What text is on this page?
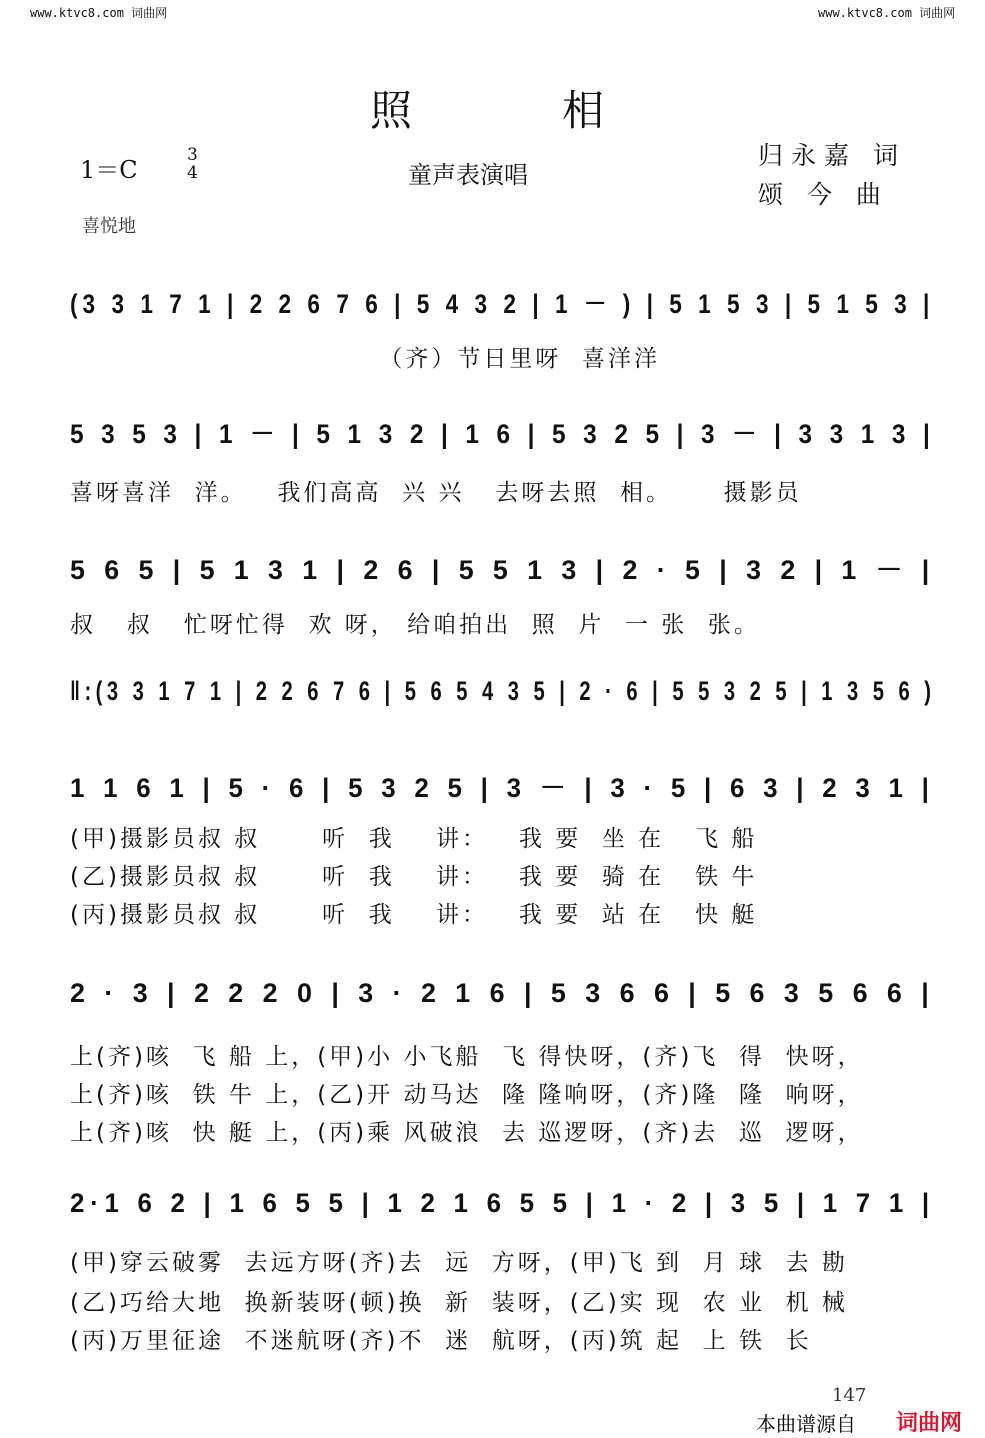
www.ktvc8.com 词曲网	www.ktvc8.com 词曲网
照相
1＝C
3
4	童声表演唱
归永嘉 词
颂 今 曲
喜悦地
(3 3 1 7 1 | 2 2 6 7 6 | 5 4 3 2 | 1 － ) | 5 1 5 3 | 5 1 5 3 |
（齐）节日里呀  喜洋洋
5 3 5 3 | 1 － | 5 1 3 2 | 1 6 | 5 3 2 5 | 3 － | 3 3 1 3 |
喜呀喜洋  洋。   我们高高  兴 兴   去呀去照  相。     摄影员
5 6 5 | 5 1 3 1 | 2 6 | 5 5 1 3 | 2 · 5 | 3 2 | 1 － |
叔   叔   忙呀忙得  欢 呀， 给咱拍出  照  片  一 张  张。
‖:(3 3 1 7 1 | 2 2 6 7 6 | 5 6 5 4 3 5 | 2 · 6 | 5 5 3 2 5 | 1 3 5 6 )
1 1 6 1 | 5 · 6 | 5 3 2 5 | 3 － | 3 · 5 | 6 3 | 2 3 1 |
(甲)摄影员叔 叔      听  我    讲：   我 要  坐 在   飞 船
(乙)摄影员叔 叔      听  我    讲：   我 要  骑 在   铁 牛
(丙)摄影员叔 叔      听  我    讲：   我 要  站 在   快 艇
2 · 3 | 2 2 2 0 | 3 · 2 1 6 | 5 3 6 6 | 5 6 3 5 6 6 |
上(齐)咳  飞 船 上，(甲)小 小飞船  飞 得快呀，(齐)飞  得  快呀，
上(齐)咳  铁 牛 上，(乙)开 动马达  隆 隆响呀，(齐)隆  隆  响呀，
上(齐)咳  快 艇 上，(丙)乘 风破浪  去 巡逻呀，(齐)去  巡  逻呀，
2·1 6 2 | 1 6 5 5 | 1 2 1 6 5 5 | 1 · 2 | 3 5 | 1 7 1 |
(甲)穿云破雾  去远方呀(齐)去  远  方呀，(甲)飞 到  月 球  去 勘
(乙)巧给大地  换新装呀(顿)换  新  装呀，(乙)实 现  农 业  机 械
(丙)万里征途  不迷航呀(齐)不  迷  航呀，(丙)筑 起  上 铁  长
147
本曲谱源自 词曲网
